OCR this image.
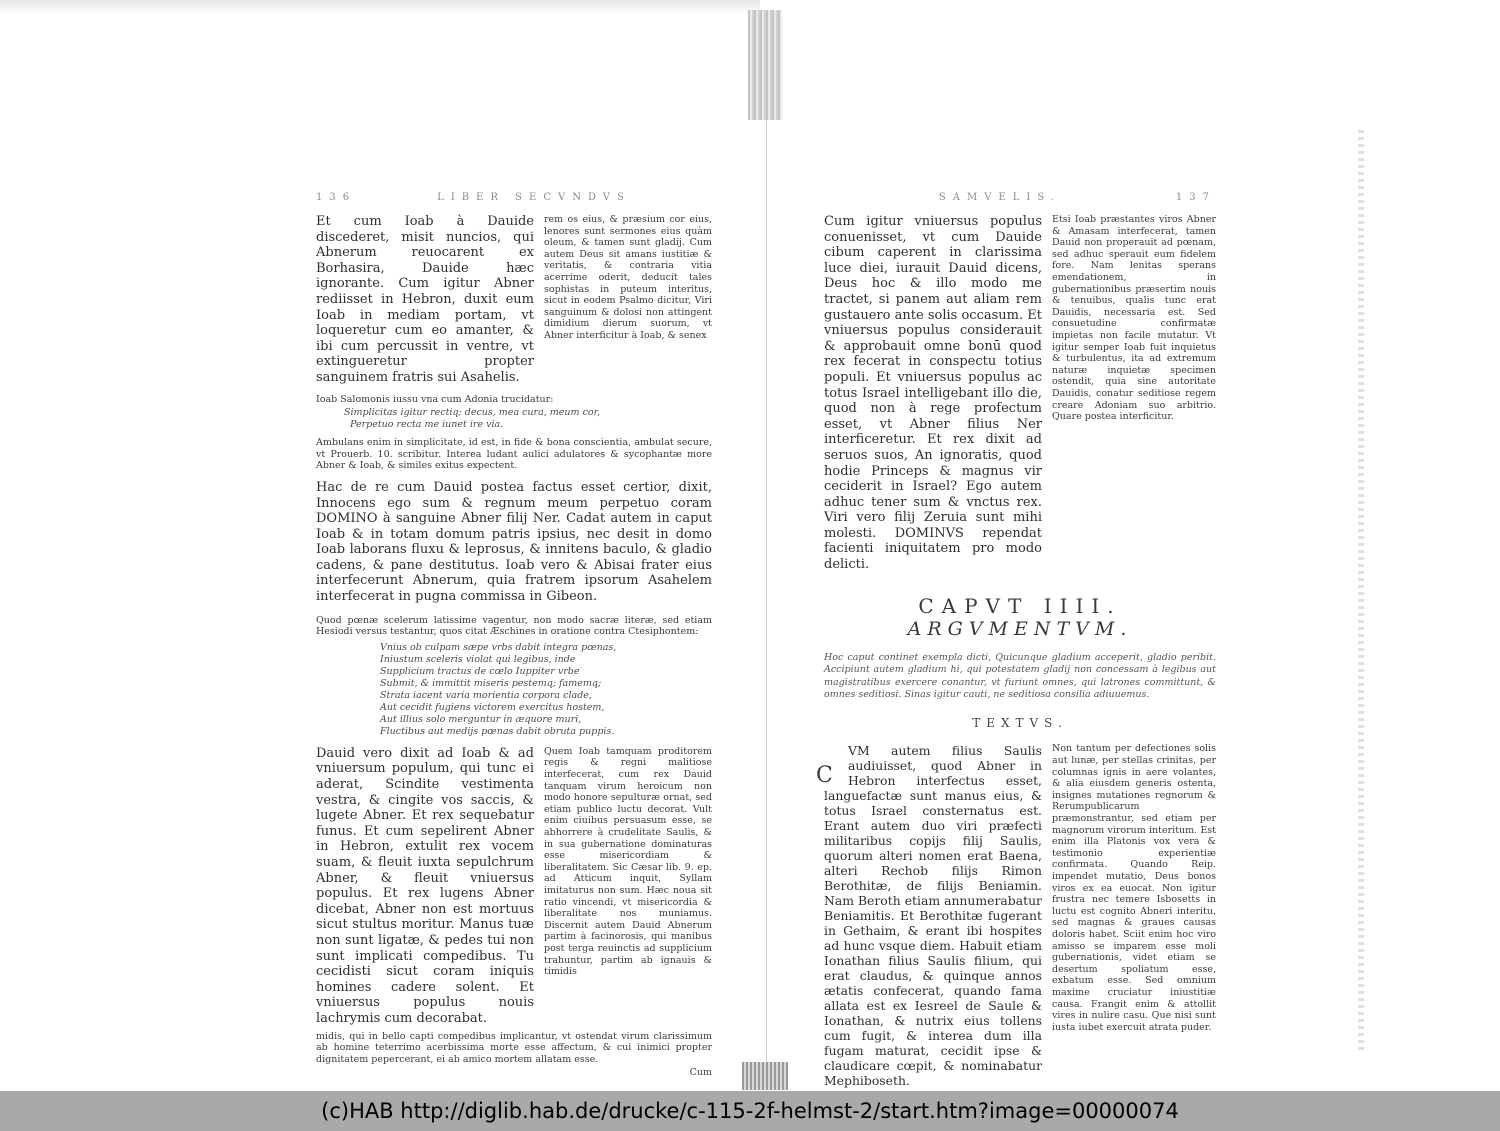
136	LIBER SECVNDVS
Et cum Ioab à Dauide discederet, misit nuncios, qui Abnerum reuocarent ex Borhasira, Dauide hæc ignorante. Cum igitur Abner rediisset in Hebron, duxit eum Ioab in mediam portam, vt loqueretur cum eo amanter, & ibi cum percussit in ventre, vt extingueretur propter sanguinem fratris sui Asahelis.
rem os eius, & præsium cor eius, lenores sunt sermones eius quàm oleum, & tamen sunt gladij. Cum autem Deus sit amans iustitiæ & veritatis, & contraria vitia acerrime oderit, deducit tales sophistas in puteum interitus, sicut in eodem Psalmo dicitur, Viri sanguinum & dolosi non attingent dimidium dierum suorum, vt Abner interficitur à Ioab, & senex
Ioab Salomonis iussu vna cum Adonia trucidatur:
Simplicitas igitur rectiq; decus, mea cura, meum cor,
Perpetuo recta me iunet ire via.
Ambulans enim in simplicitate, id est, in fide & bona conscientia, ambulat secure, vt Prouerb. 10. scribitur. Interea ludant aulici adulatores & sycophantæ more Abner & Ioab, & similes exitus expectent.
Hac de re cum Dauid postea factus esset certior, dixit, Innocens ego sum & regnum meum perpetuo coram DOMINO à sanguine Abner filij Ner. Cadat autem in caput Ioab & in totam domum patris ipsius, nec desit in domo Ioab laborans fluxu & leprosus, & innitens baculo, & gladio cadens, & pane destitutus. Ioab vero & Abisai frater eius interfecerunt Abnerum, quia fratrem ipsorum Asahelem interfecerat in pugna commissa in Gibeon.
Quod pœnæ scelerum latissime vagentur, non modo sacræ literæ, sed etiam Hesiodi versus testantur, quos citat Æschines in oratione contra Ctesiphontem:
Vnius ob culpam sæpe vrbs dabit integra pœnas,
Iniustum sceleris violat qui legibus, inde
Supplicium tractus de cœlo Iuppiter vrbe
Submit, & immittit miseris pestemq; famemq;
Strata iacent varia morientia corpora clade,
Aut cecidit fugiens victorem exercitus hostem,
Aut illius solo merguntur in æquore muri,
Fluctibus aut medijs pœnas dabit obruta puppis.
Dauid vero dixit ad Ioab & ad vniuersum populum, qui tunc ei aderat, Scindite vestimenta vestra, & cingite vos saccis, & lugete Abner. Et rex sequebatur funus. Et cum sepelirent Abner in Hebron, extulit rex vocem suam, & fleuit iuxta sepulchrum Abner, & fleuit vniuersus populus. Et rex lugens Abner dicebat, Abner non est mortuus sicut stultus moritur. Manus tuæ non sunt ligatæ, & pedes tui non sunt implicati compedibus. Tu cecidisti sicut coram iniquis homines cadere solent. Et vniuersus populus nouis lachrymis cum decorabat.
Quem Ioab tamquam proditorem regis & regni malitiose interfecerat, cum rex Dauid tanquam virum heroicum non modo honore sepulturæ ornat, sed etiam publico luctu decorat. Vult enim ciuibus persuasum esse, se abhorrere à crudelitate Saulis, & in sua gubernatione dominaturas esse misericordiam & liberalitatem. Sic Cæsar lib. 9. ep. ad Atticum inquit, Syllam imitaturus non sum. Hæc noua sit ratio vincendi, vt misericordia & liberalitate nos muniamus. Discernit autem Dauid Abnerum partim à facinorosis, qui manibus post terga reuinctis ad supplicium trahuntur, partim ab ignauis & timidis
midis, qui in bello capti compedibus implicantur, vt ostendat virum clarissimum ab homine teterrimo acerbissima morte esse affectum, & cui inimici propter dignitatem pepercerant, ei ab amico mortem allatam esse.
Cum
SAMVELIS.	137
Cum igitur vniuersus populus conuenisset, vt cum Dauide cibum caperent in clarissima luce diei, iurauit Dauid dicens, Deus hoc & illo modo me tractet, si panem aut aliam rem gustauero ante solis occasum. Et vniuersus populus considerauit & approbauit omne bonū quod rex fecerat in conspectu totius populi. Et vniuersus populus ac totus Israel intelligebant illo die, quod non à rege profectum esset, vt Abner filius Ner interficeretur. Et rex dixit ad seruos suos, An ignoratis, quod hodie Princeps & magnus vir ceciderit in Israel? Ego autem adhuc tener sum & vnctus rex. Viri vero filij Zeruia sunt mihi molesti. DOMINVS rependat facienti iniquitatem pro modo delicti.
Etsi Ioab præstantes viros Abner & Amasam interfecerat, tamen Dauid non properauit ad pœnam, sed adhuc sperauit eum fidelem fore. Nam lenitas sperans emendationem, in gubernationibus præsertim nouis & tenuibus, qualis tunc erat Dauidis, necessaria est. Sed consuetudine confirmatæ impietas non facile mutatur. Vt igitur semper Ioab fuit inquietus & turbulentus, ita ad extremum naturæ inquietæ specimen ostendit, quia sine autoritate Dauidis, conatur seditiose regem creare Adoniam suo arbitrio. Quare postea interficitur.
CAPVT IIII.
ARGVMENTVM.
Hoc caput continet exempla dicti, Quicunque gladium acceperit, gladio peribit. Accipiunt autem gladium hi, qui potestatem gladij non concessam à legibus aut magistratibus exercere conantur, vt furiunt omnes, qui latrones committunt, & omnes seditiosi. Sinas igitur cauti, ne seditiosa consilia adiuuemus.
TEXTVS.
C
VM autem filius Saulis audiuisset, quod Abner in Hebron interfectus esset, languefactæ sunt manus eius, & totus Israel consternatus est. Erant autem duo viri præfecti militaribus copijs filij Saulis, quorum alteri nomen erat Baena, alteri Rechob filijs Rimon Berothitæ, de filijs Beniamin. Nam Beroth etiam annumerabatur Beniamitis. Et Berothitæ fugerant in Gethaim, & erant ibi hospites ad hunc vsque diem. Habuit etiam Ionathan filius Saulis filium, qui erat claudus, & quinque annos ætatis confecerat, quando fama allata est ex Iesreel de Saule & Ionathan, & nutrix eius tollens cum fugit, & interea dum illa fugam maturat, cecidit ipse & claudicare cœpit, & nominabatur Mephiboseth.
Non tantum per defectiones solis aut lunæ, per stellas crinitas, per columnas ignis in aere volantes, & alia eiusdem generis ostenta, insignes mutationes regnorum & Rerumpublicarum præmonstrantur, sed etiam per magnorum virorum interitum. Est enim illa Platonis vox vera & testimonio experientiæ confirmata. Quando Reip. impendet mutatio, Deus bonos viros ex ea euocat. Non igitur frustra nec temere Isbosetts in luctu est cognito Abneri interitu, sed magnas & graues causas doloris habet. Sciit enim hoc viro amisso se imparem esse moli gubernationis, videt etiam se desertum spoliatum esse, exbatum esse. Sed omnium maxime cruciatur iniustitiæ causa. Frangit enim & attollit vires in nulire casu. Que nisi sunt iusta iubet exercuit atrata puder.
(c)HAB http://diglib.hab.de/drucke/c-115-2f-helmst-2/start.htm?image=00000074
